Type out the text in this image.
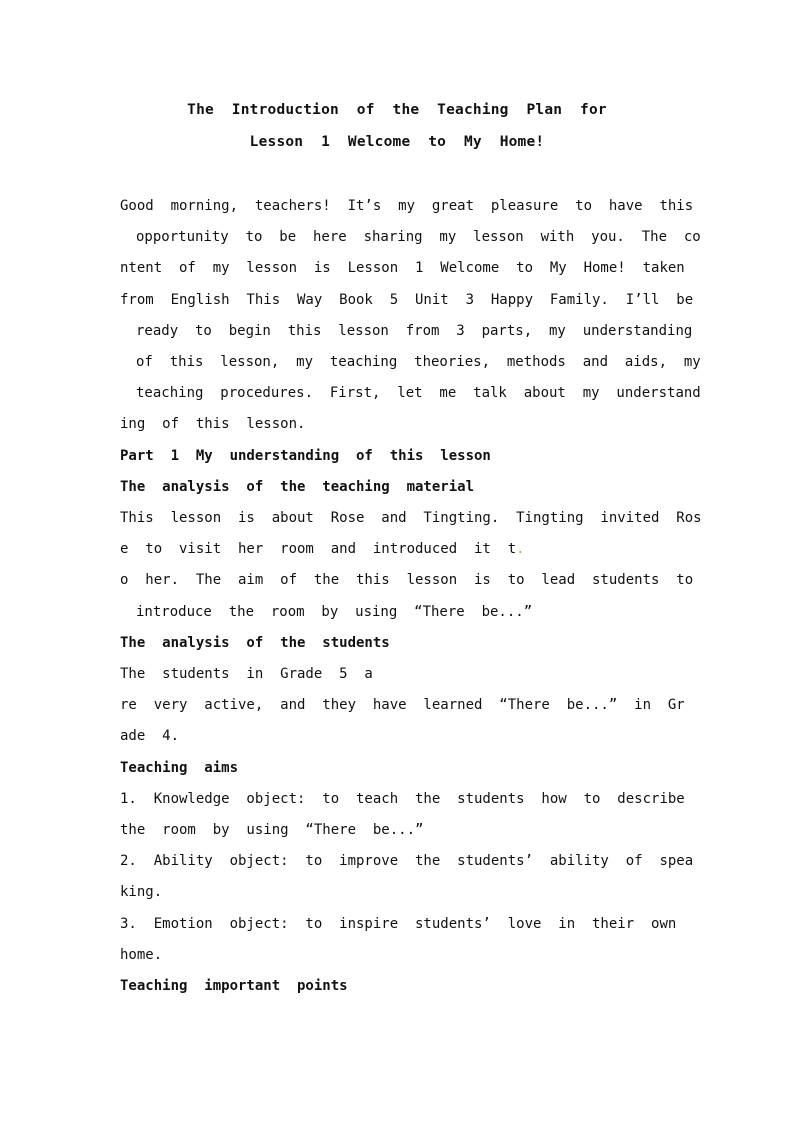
The  Introduction  of  the  Teaching  Plan  for
Lesson  1  Welcome  to  My  Home!
Good  morning,  teachers!  It’s  my  great  pleasure  to  have  this
opportunity  to  be  here  sharing  my  lesson  with  you.  The  co
ntent  of  my  lesson  is  Lesson  1  Welcome  to  My  Home!  taken
from  English  This  Way  Book  5  Unit  3  Happy  Family.  I’ll  be
ready  to  begin  this  lesson  from  3  parts,  my  understanding
of  this  lesson,  my  teaching  theories,  methods  and  aids,  my
teaching  procedures.  First,  let  me  talk  about  my  understand
ing  of  this  lesson.
Part  1  My  understanding  of  this  lesson
The  analysis  of  the  teaching  material
This  lesson  is  about  Rose  and  Tingting.  Tingting  invited  Ros
e  to  visit  her  room  and  introduced  it  t.
o  her.  The  aim  of  the  this  lesson  is  to  lead  students  to
introduce  the  room  by  using  “There  be...”
The  analysis  of  the  students
The  students  in  Grade  5  a
re  very  active,  and  they  have  learned  “There  be...”  in  Gr
ade  4.
Teaching  aims
1.  Knowledge  object:  to  teach  the  students  how  to  describe
the  room  by  using  “There  be...”
2.  Ability  object:  to  improve  the  students’  ability  of  spea
king.
3.  Emotion  object:  to  inspire  students’  love  in  their  own
home.
Teaching  important  points
